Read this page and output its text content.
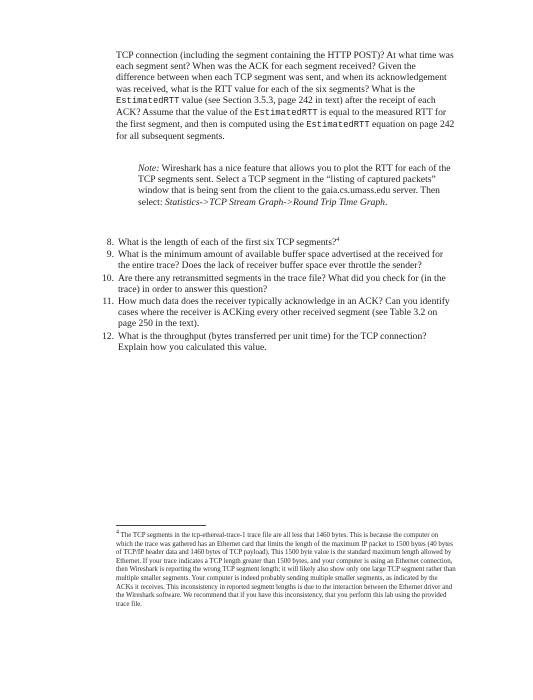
TCP connection (including the segment containing the HTTP POST)? At what time was each segment sent? When was the ACK for each segment received? Given the difference between when each TCP segment was sent, and when its acknowledgement was received, what is the RTT value for each of the six segments? What is the EstimatedRTT value (see Section 3.5.3, page 242 in text) after the receipt of each ACK? Assume that the value of the EstimatedRTT is equal to the measured RTT for the first segment, and then is computed using the EstimatedRTT equation on page 242 for all subsequent segments.

Note: Wireshark has a nice feature that allows you to plot the RTT for each of the TCP segments sent. Select a TCP segment in the “listing of captured packets” window that is being sent from the client to the gaia.cs.umass.edu server. Then select: Statistics->TCP Stream Graph->Round Trip Time Graph.
8. What is the length of each of the first six TCP segments?$^4$
9. What is the minimum amount of available buffer space advertised at the received for the entire trace? Does the lack of receiver buffer space ever throttle the sender?
10. Are there any retransmitted segments in the trace file? What did you check for (in the trace) in order to answer this question?
11. How much data does the receiver typically acknowledge in an ACK? Can you identify cases where the receiver is ACKing every other received segment (see Table 3.2 on page 250 in the text).
12. What is the throughput (bytes transferred per unit time) for the TCP connection? Explain how you calculated this value.

$^4$ The TCP segments in the tcp-ethereal-trace-1 trace file are all less that 1460 bytes. This is because the computer on which the trace was gathered has an Ethernet card that limits the length of the maximum IP packet to 1500 bytes (40 bytes of TCP/IP header data and 1460 bytes of TCP payload). This 1500 byte value is the standard maximum length allowed by Ethernet. If your trace indicates a TCP length greater than 1500 bytes, and your computer is using an Ethernet connection, then Wireshark is reporting the wrong TCP segment length; it will likely also show only one large TCP segment rather than multiple smaller segments. Your computer is indeed probably sending multiple smaller segments, as indicated by the ACKs it receives. This inconsistency in reported segment lengths is due to the interaction between the Ethernet driver and the Wireshark software. We recommend that if you have this inconsistency, that you perform this lab using the provided trace file.
